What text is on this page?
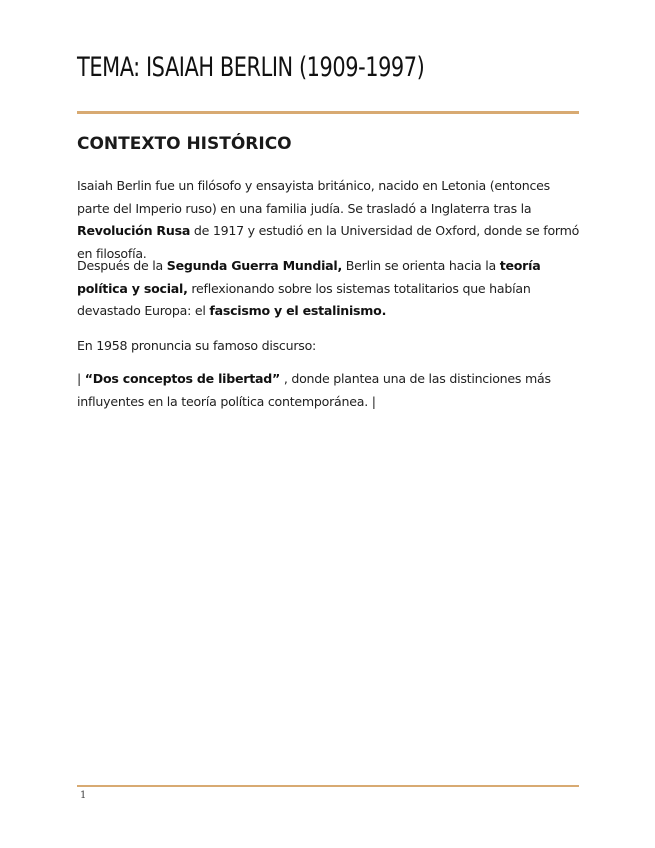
TEMA: ISAIAH BERLIN (1909-1997)
CONTEXTO HISTÓRICO

Isaiah Berlin fue un filósofo y ensayista británico, nacido en Letonia (entonces parte del Imperio ruso) en una familia judía. Se trasladó a Inglaterra tras la Revolución Rusa de 1917 y estudió en la Universidad de Oxford, donde se formó en filosofía.

Después de la Segunda Guerra Mundial, Berlin se orienta hacia la teoría política y social, reflexionando sobre los sistemas totalitarios que habían devastado Europa: el fascismo y el estalinismo.

En 1958 pronuncia su famoso discurso:

| “Dos conceptos de libertad” , donde plantea una de las distinciones más influyentes en la teoría política contemporánea. |

1
